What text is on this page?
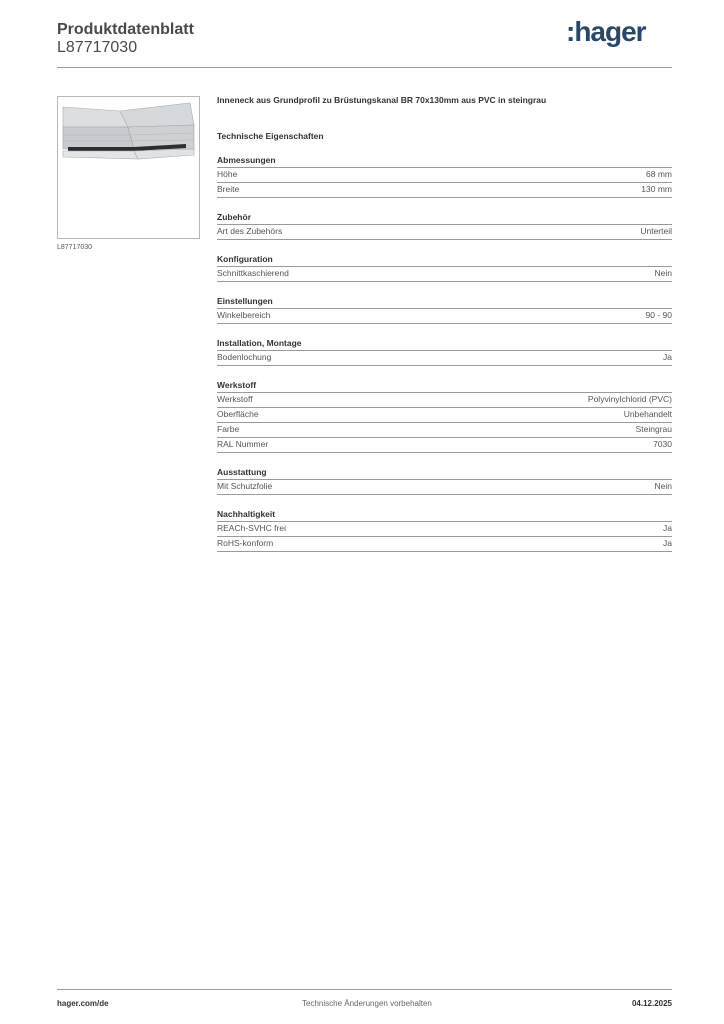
Produktdatenblatt
L87717030
:hager
L87717030

Inneneck aus Grundprofil zu Brüstungskanal BR 70x130mm aus PVC in steingrau

Technische Eigenschaften
Abmessungen
Höhe	68 mm
Breite	130 mm
Zubehör
Art des Zubehörs	Unterteil
Konfiguration
Schnittkaschierend	Nein
Einstellungen
Winkelbereich	90 - 90
Installation, Montage
Bodenlochung	Ja
Werkstoff
Werkstoff	Polyvinylchlorid (PVC)
Oberfläche	Unbehandelt
Farbe	Steingrau
RAL Nummer	7030
Ausstattung
Mit Schutzfolie	Nein
Nachhaltigkeit
REACh-SVHC frei	Ja
RoHS-konform	Ja
hager.com/de	Technische Änderungen vorbehalten	04.12.2025
